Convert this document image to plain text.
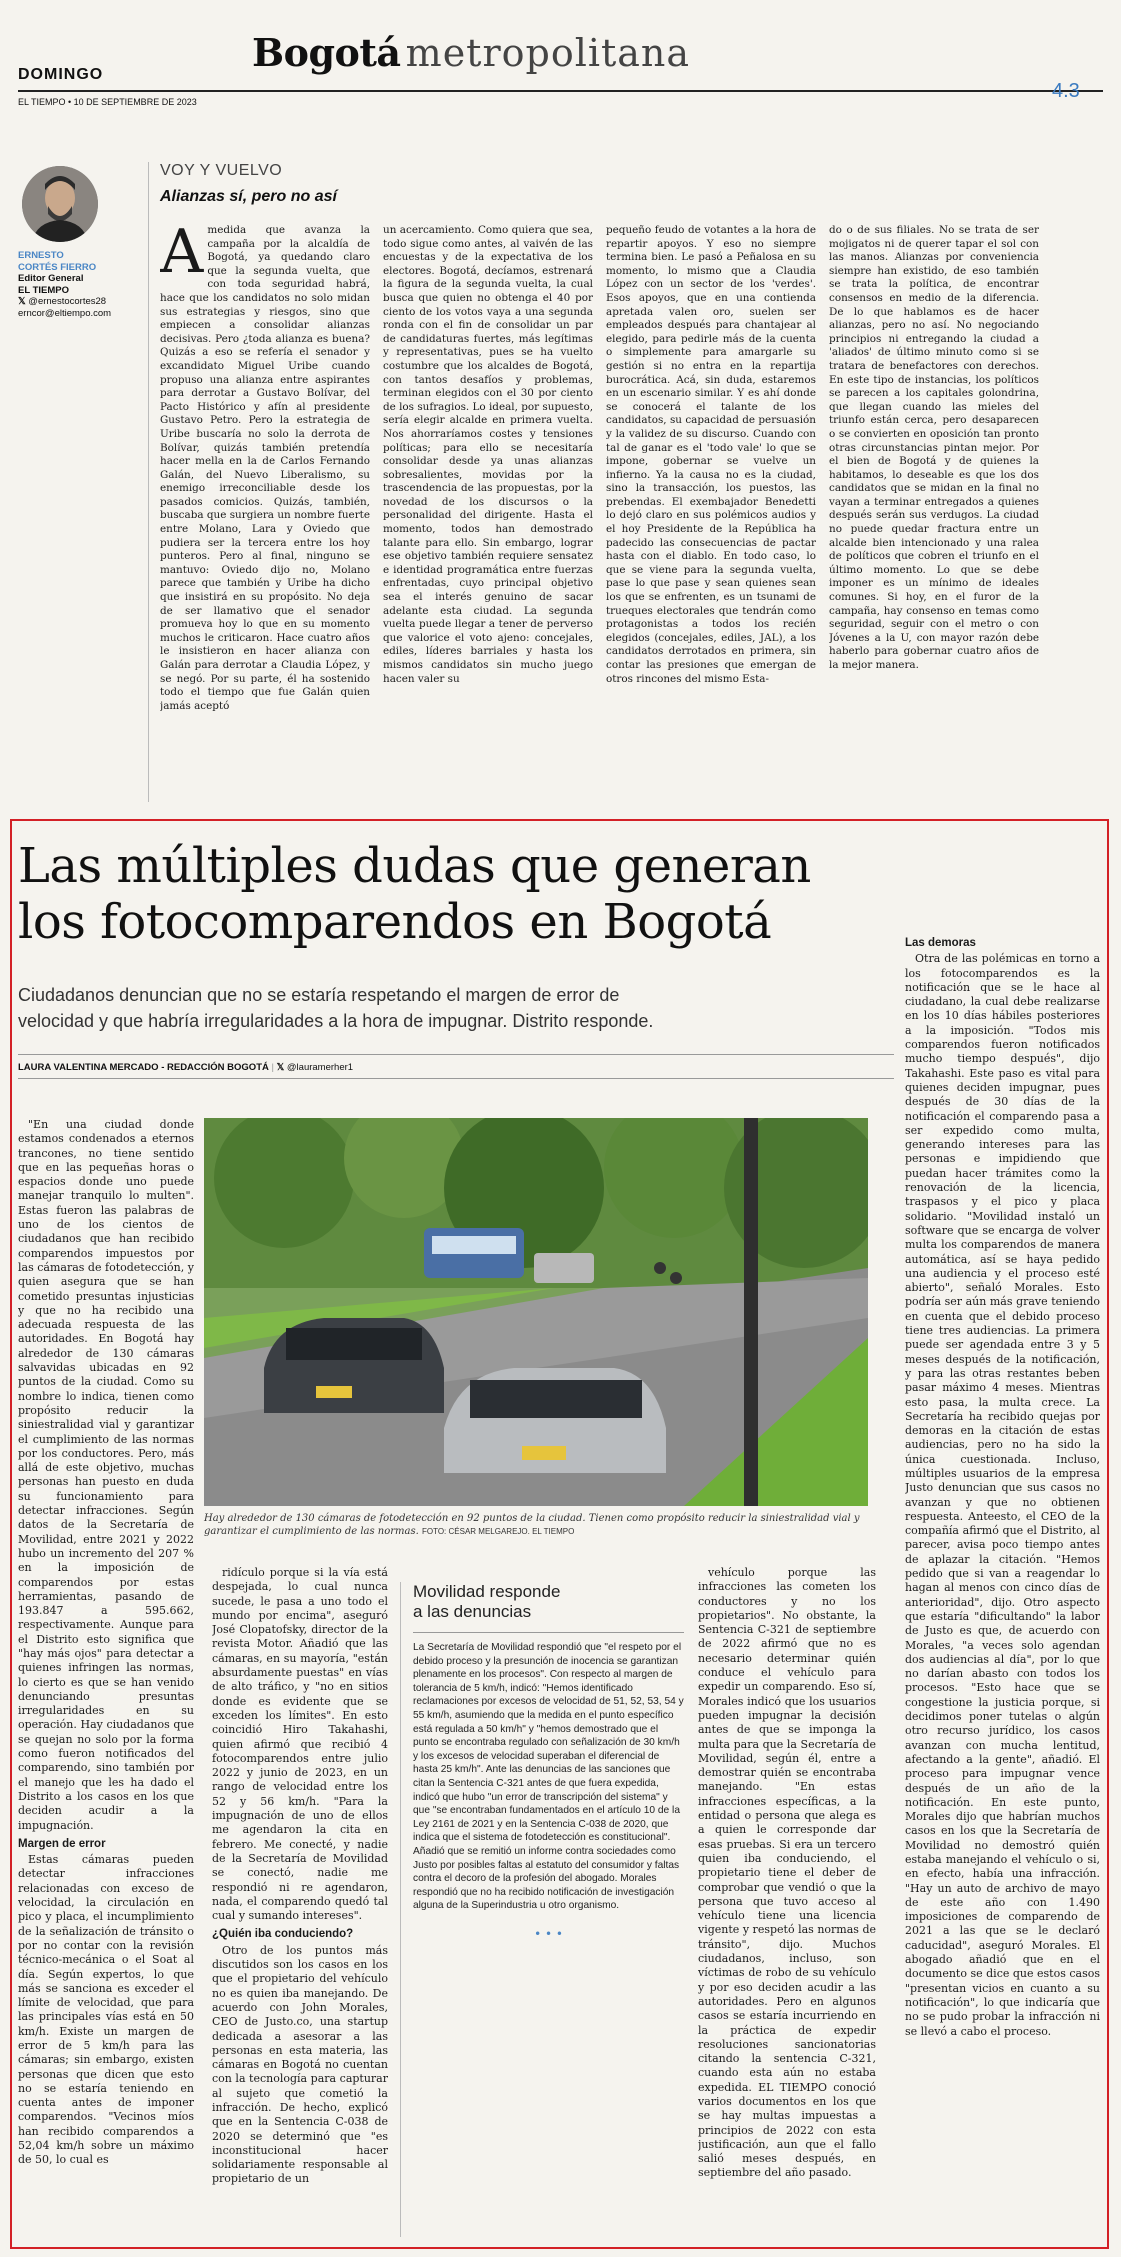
DOMINGO	Bogotá metropolitana
EL TIEMPO • 10 DE SEPTIEMBRE DE 2023	4.3
ERNESTO
CORTÉS FIERRO
Editor General
EL TIEMPO
𝕏 @ernestocortes28
erncor@eltiempo.com
VOY Y VUELVO
Alianzas sí, pero no así
A medida que avanza la campaña por la alcaldía de Bogotá, ya quedando claro que la segunda vuelta, que con toda seguridad habrá, hace que los candidatos no solo midan sus estrategias y riesgos, sino que empiecen a consolidar alianzas decisivas. Pero ¿toda alianza es buena? Quizás a eso se refería el senador y excandidato Miguel Uribe cuando propuso una alianza entre aspirantes para derrotar a Gustavo Bolívar, del Pacto Histórico y afín al presidente Gustavo Petro. Pero la estrategia de Uribe buscaría no solo la derrota de Bolívar, quizás también pretendía hacer mella en la de Carlos Fernando Galán, del Nuevo Liberalismo, su enemigo irreconciliable desde los pasados comicios. Quizás, también, buscaba que surgiera un nombre fuerte entre Molano, Lara y Oviedo que pudiera ser la tercera entre los hoy punteros. Pero al final, ninguno se mantuvo: Oviedo dijo no, Molano parece que también y Uribe ha dicho que insistirá en su propósito. No deja de ser llamativo que el senador promueva hoy lo que en su momento muchos le criticaron. Hace cuatro años le insistieron en hacer alianza con Galán para derrotar a Claudia López, y se negó. Por su parte, él ha sostenido todo el tiempo que fue Galán quien jamás aceptó
un acercamiento. Como quiera que sea, todo sigue como antes, al vaivén de las encuestas y de la expectativa de los electores. Bogotá, decíamos, estrenará la figura de la segunda vuelta, la cual busca que quien no obtenga el 40 por ciento de los votos vaya a una segunda ronda con el fin de consolidar un par de candidaturas fuertes, más legítimas y representativas, pues se ha vuelto costumbre que los alcaldes de Bogotá, con tantos desafíos y problemas, terminan elegidos con el 30 por ciento de los sufragios. Lo ideal, por supuesto, sería elegir alcalde en primera vuelta. Nos ahorraríamos costes y tensiones políticas; para ello se necesitaría consolidar desde ya unas alianzas sobresalientes, movidas por la trascendencia de las propuestas, por la novedad de los discursos o la personalidad del dirigente. Hasta el momento, todos han demostrado talante para ello. Sin embargo, lograr ese objetivo también requiere sensatez e identidad programática entre fuerzas enfrentadas, cuyo principal objetivo sea el interés genuino de sacar adelante esta ciudad. La segunda vuelta puede llegar a tener de perverso que valorice el voto ajeno: concejales, ediles, líderes barriales y hasta los mismos candidatos sin mucho juego hacen valer su
pequeño feudo de votantes a la hora de repartir apoyos. Y eso no siempre termina bien. Le pasó a Peñalosa en su momento, lo mismo que a Claudia López con un sector de los 'verdes'. Esos apoyos, que en una contienda apretada valen oro, suelen ser empleados después para chantajear al elegido, para pedirle más de la cuenta o simplemente para amargarle su gestión si no entra en la repartija burocrática. Acá, sin duda, estaremos en un escenario similar. Y es ahí donde se conocerá el talante de los candidatos, su capacidad de persuasión y la validez de su discurso. Cuando con tal de ganar es el 'todo vale' lo que se impone, gobernar se vuelve un infierno. Ya la causa no es la ciudad, sino la transacción, los puestos, las prebendas. El exembajador Benedetti lo dejó claro en sus polémicos audios y el hoy Presidente de la República ha padecido las consecuencias de pactar hasta con el diablo. En todo caso, lo que se viene para la segunda vuelta, pase lo que pase y sean quienes sean los que se enfrenten, es un tsunami de trueques electorales que tendrán como protagonistas a todos los recién elegidos (concejales, ediles, JAL), a los candidatos derrotados en primera, sin contar las presiones que emergan de otros rincones del mismo Esta-
do o de sus filiales. No se trata de ser mojigatos ni de querer tapar el sol con las manos. Alianzas por conveniencia siempre han existido, de eso también se trata la política, de encontrar consensos en medio de la diferencia. De lo que hablamos es de hacer alianzas, pero no así. No negociando principios ni entregando la ciudad a 'aliados' de último minuto como si se tratara de benefactores con derechos. En este tipo de instancias, los políticos se parecen a los capitales golondrina, que llegan cuando las mieles del triunfo están cerca, pero desaparecen o se convierten en oposición tan pronto otras circunstancias pintan mejor. Por el bien de Bogotá y de quienes la habitamos, lo deseable es que los dos candidatos que se midan en la final no vayan a terminar entregados a quienes después serán sus verdugos. La ciudad no puede quedar fractura entre un alcalde bien intencionado y una ralea de políticos que cobren el triunfo en el último momento. Lo que se debe imponer es un mínimo de ideales comunes. Si hoy, en el furor de la campaña, hay consenso en temas como seguridad, seguir con el metro o con Jóvenes a la U, con mayor razón debe haberlo para gobernar cuatro años de la mejor manera.
Las múltiples dudas que generan
los fotocomparendos en Bogotá
Ciudadanos denuncian que no se estaría respetando el margen de error de
velocidad y que habría irregularidades a la hora de impugnar. Distrito responde.
LAURA VALENTINA MERCADO - REDACCIÓN BOGOTÁ | 𝕏 @lauramerher1
Hay alrededor de 130 cámaras de fotodetección en 92 puntos de la ciudad. Tienen como propósito reducir la siniestralidad vial y garantizar el cumplimiento de las normas. FOTO: CÉSAR MELGAREJO. EL TIEMPO

"En una ciudad donde estamos condenados a eternos trancones, no tiene sentido que en las pequeñas horas o espacios donde uno puede manejar tranquilo lo multen". Estas fueron las palabras de uno de los cientos de ciudadanos que han recibido comparendos impuestos por las cámaras de fotodetección, y quien asegura que se han cometido presuntas injusticias y que no ha recibido una adecuada respuesta de las autoridades. En Bogotá hay alrededor de 130 cámaras salvavidas ubicadas en 92 puntos de la ciudad. Como su nombre lo indica, tienen como propósito reducir la siniestralidad vial y garantizar el cumplimiento de las normas por los conductores. Pero, más allá de este objetivo, muchas personas han puesto en duda su funcionamiento para detectar infracciones. Según datos de la Secretaría de Movilidad, entre 2021 y 2022 hubo un incremento del 207 % en la imposición de comparendos por estas herramientas, pasando de 193.847 a 595.662, respectivamente. Aunque para el Distrito esto significa que "hay más ojos" para detectar a quienes infringen las normas, lo cierto es que se han venido denunciando presuntas irregularidades en su operación. Hay ciudadanos que se quejan no solo por la forma como fueron notificados del comparendo, sino también por el manejo que les ha dado el Distrito a los casos en los que deciden acudir a la impugnación.

Margen de error

Estas cámaras pueden detectar infracciones relacionadas con exceso de velocidad, la circulación en pico y placa, el incumplimiento de la señalización de tránsito o por no contar con la revisión técnico-mecánica o el Soat al día. Según expertos, lo que más se sanciona es exceder el límite de velocidad, que para las principales vías está en 50 km/h. Existe un margen de error de 5 km/h para las cámaras; sin embargo, existen personas que dicen que esto no se estaría teniendo en cuenta antes de imponer comparendos. "Vecinos míos han recibido comparendos a 52,04 km/h sobre un máximo de 50, lo cual es

ridículo porque si la vía está despejada, lo cual nunca sucede, le pasa a uno todo el mundo por encima", aseguró José Clopatofsky, director de la revista Motor. Añadió que las cámaras, en su mayoría, "están absurdamente puestas" en vías de alto tráfico, y "no en sitios donde es evidente que se exceden los límites". En esto coincidió Hiro Takahashi, quien afirmó que recibió 4 fotocomparendos entre julio 2022 y junio de 2023, en un rango de velocidad entre los 52 y 56 km/h. "Para la impugnación de uno de ellos me agendaron la cita en febrero. Me conecté, y nadie de la Secretaría de Movilidad se conectó, nadie me respondió ni re agendaron, nada, el comparendo quedó tal cual y sumando intereses".

¿Quién iba conduciendo?

Otro de los puntos más discutidos son los casos en los que el propietario del vehículo no es quien iba manejando. De acuerdo con John Morales, CEO de Justo.co, una startup dedicada a asesorar a las personas en esta materia, las cámaras en Bogotá no cuentan con la tecnología para capturar al sujeto que cometió la infracción. De hecho, explicó que en la Sentencia C-038 de 2020 se determinó que "es inconstitucional hacer solidariamente responsable al propietario de un

Movilidad responde
a las denuncias

La Secretaría de Movilidad respondió que "el respeto por el debido proceso y la presunción de inocencia se garantizan plenamente en los procesos". Con respecto al margen de tolerancia de 5 km/h, indicó: "Hemos identificado reclamaciones por excesos de velocidad de 51, 52, 53, 54 y 55 km/h, asumiendo que la medida en el punto específico está regulada a 50 km/h" y "hemos demostrado que el punto se encontraba regulado con señalización de 30 km/h y los excesos de velocidad superaban el diferencial de hasta 25 km/h". Ante las denuncias de las sanciones que citan la Sentencia C-321 antes de que fuera expedida, indicó que hubo "un error de transcripción del sistema" y que "se encontraban fundamentados en el artículo 10 de la Ley 2161 de 2021 y en la Sentencia C-038 de 2020, que indica que el sistema de fotodetección es constitucional". Añadió que se remitió un informe contra sociedades como Justo por posibles faltas al estatuto del consumidor y faltas contra el decoro de la profesión del abogado. Morales respondió que no ha recibido notificación de investigación alguna de la Superindustria u otro organismo.

• • •

vehículo porque las infracciones las cometen los conductores y no los propietarios". No obstante, la Sentencia C-321 de septiembre de 2022 afirmó que no es necesario determinar quién conduce el vehículo para expedir un comparendo. Eso sí, Morales indicó que los usuarios pueden impugnar la decisión antes de que se imponga la multa para que la Secretaría de Movilidad, según él, entre a demostrar quién se encontraba manejando. "En estas infracciones específicas, a la entidad o persona que alega es a quien le corresponde dar esas pruebas. Si era un tercero quien iba conduciendo, el propietario tiene el deber de comprobar que vendió o que la persona que tuvo acceso al vehículo tiene una licencia vigente y respetó las normas de tránsito", dijo. Muchos ciudadanos, incluso, son víctimas de robo de su vehículo y por eso deciden acudir a las autoridades. Pero en algunos casos se estaría incurriendo en la práctica de expedir resoluciones sancionatorias citando la sentencia C-321, cuando esta aún no estaba expedida. EL TIEMPO conoció varios documentos en los que se hay multas impuestas a principios de 2022 con esta justificación, aun que el fallo salió meses después, en septiembre del año pasado.

Las demoras

Otra de las polémicas en torno a los fotocomparendos es la notificación que se le hace al ciudadano, la cual debe realizarse en los 10 días hábiles posteriores a la imposición. "Todos mis comparendos fueron notificados mucho tiempo después", dijo Takahashi. Este paso es vital para quienes deciden impugnar, pues después de 30 días de la notificación el comparendo pasa a ser expedido como multa, generando intereses para las personas e impidiendo que puedan hacer trámites como la renovación de la licencia, traspasos y el pico y placa solidario. "Movilidad instaló un software que se encarga de volver multa los comparendos de manera automática, así se haya pedido una audiencia y el proceso esté abierto", señaló Morales. Esto podría ser aún más grave teniendo en cuenta que el debido proceso tiene tres audiencias. La primera puede ser agendada entre 3 y 5 meses después de la notificación, y para las otras restantes beben pasar máximo 4 meses. Mientras esto pasa, la multa crece. La Secretaría ha recibido quejas por demoras en la citación de estas audiencias, pero no ha sido la única cuestionada. Incluso, múltiples usuarios de la empresa Justo denuncian que sus casos no avanzan y que no obtienen respuesta. Anteesto, el CEO de la compañía afirmó que el Distrito, al parecer, avisa poco tiempo antes de aplazar la citación. "Hemos pedido que si van a reagendar lo hagan al menos con cinco días de anterioridad", dijo. Otro aspecto que estaría "dificultando" la labor de Justo es que, de acuerdo con Morales, "a veces solo agendan dos audiencias al día", por lo que no darían abasto con todos los procesos. "Esto hace que se congestione la justicia porque, si decidimos poner tutelas o algún otro recurso jurídico, los casos avanzan con mucha lentitud, afectando a la gente", añadió. El proceso para impugnar vence después de un año de la notificación. En este punto, Morales dijo que habrían muchos casos en los que la Secretaría de Movilidad no demostró quién estaba manejando el vehículo o si, en efecto, había una infracción. "Hay un auto de archivo de mayo de este año con 1.490 imposiciones de comparendo de 2021 a las que se le declaró caducidad", aseguró Morales. El abogado añadió que en el documento se dice que estos casos "presentan vicios en cuanto a su notificación", lo que indicaría que no se pudo probar la infracción ni se llevó a cabo el proceso.
